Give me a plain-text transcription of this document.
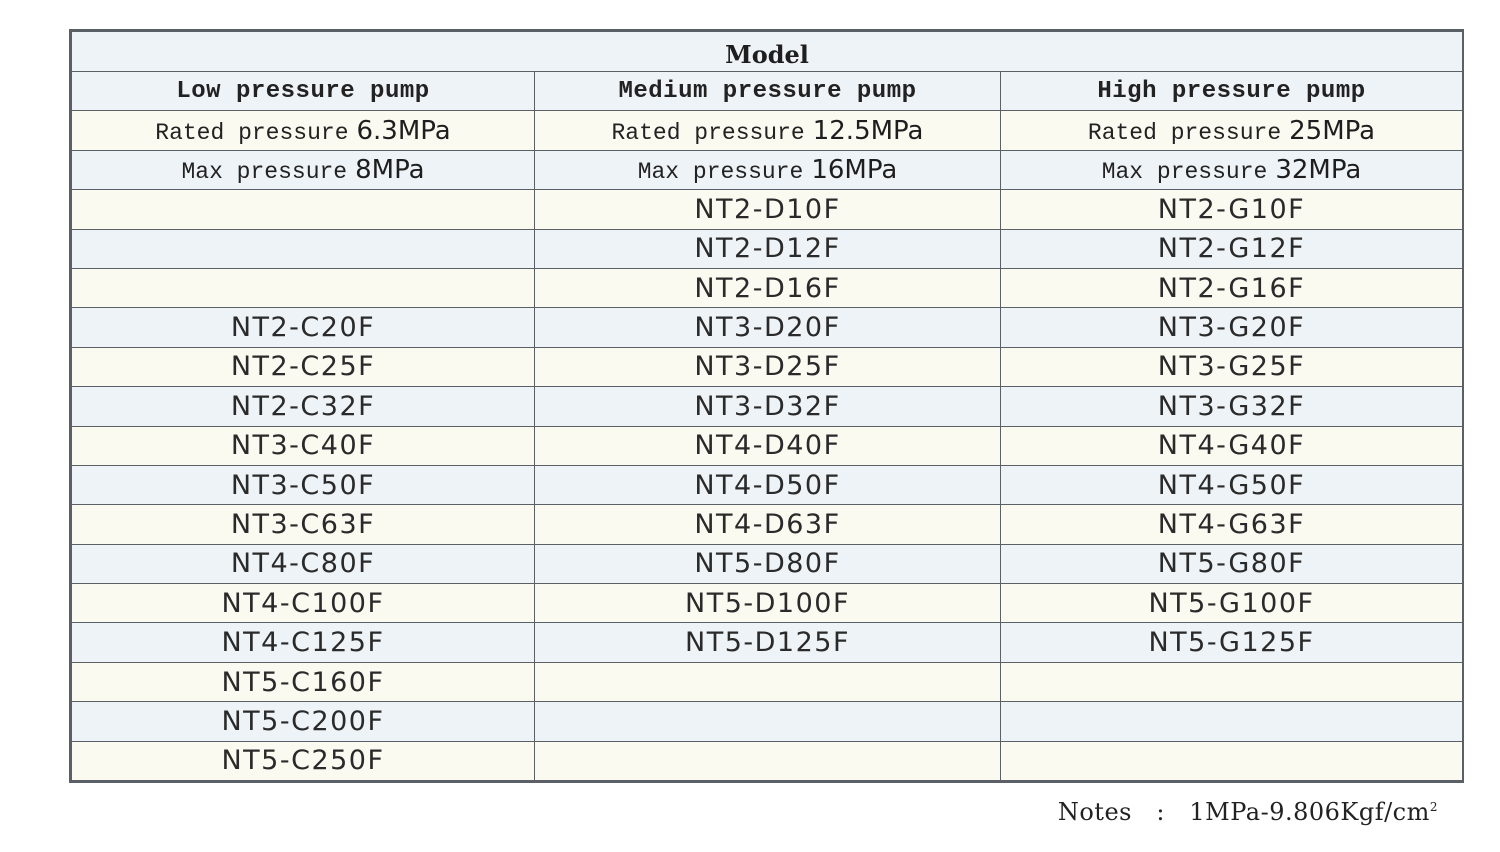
Model		
Low pressure pump	Medium pressure pump	High pressure pump
Rated pressure 6.3MPa	Rated pressure 12.5MPa	Rated pressure 25MPa
Max pressure 8MPa	Max pressure 16MPa	Max pressure 32MPa
	NT2-D10F	NT2-G10F
	NT2-D12F	NT2-G12F
	NT2-D16F	NT2-G16F
NT2-C20F	NT3-D20F	NT3-G20F
NT2-C25F	NT3-D25F	NT3-G25F
NT2-C32F	NT3-D32F	NT3-G32F
NT3-C40F	NT4-D40F	NT4-G40F
NT3-C50F	NT4-D50F	NT4-G50F
NT3-C63F	NT4-D63F	NT4-G63F
NT4-C80F	NT5-D80F	NT5-G80F
NT4-C100F	NT5-D100F	NT5-G100F
NT4-C125F	NT5-D125F	NT5-G125F
NT5-C160F		
NT5-C200F		
NT5-C250F		
Notes : $1MPa-9.806Kgf/cm^2$
